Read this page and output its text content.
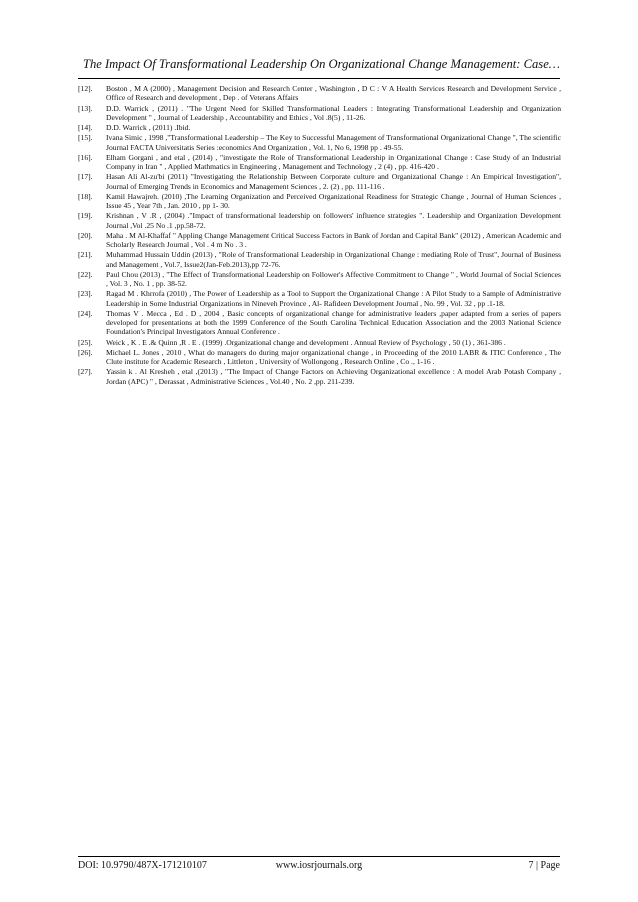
The Impact Of Transformational Leadership On Organizational Change Management: Case…
[12].	Boston , M A (2000) , Management Decision and Research Center , Washington , D C : V A Health Services Research and Development Service , Office of Research and development , Dep . of Veterans Affairs
[13].	D.D. Warrick , (2011) . "The Urgent Need for Skilled Transformational Leaders : Integrating Transformational Leadership and Organization Development " , Journal of Leadership , Accountability and Ethics , Vol .8(5) , 11-26.
[14].	D.D. Warrick , (2011) .Ibid.
[15].	Ivana Simic , 1998 ,"Transformational Leadership – The Key to Successful Management of Transformational Organizational Change ", The scientific Journal FACTA Universitatis Series :economics And Organization , Vol. 1, No 6, 1998 pp . 49-55.
[16].	Elham Gorgani , and etal , (2014) , "investigate the Role of Transformational Leadership in Organizational Change : Case Study of an Industrial Company in Iran " , Applied Mathmatics in Engineering , Management and Technology , 2 (4) , pp. 416-420 .
[17].	Hasan Ali Al-zu'bi (2011) "Investigating the Relationship Between Corporate culture and Organizational Change : An Empirical Investigation", Journal of Emerging Trends in Economics and Management Sciences , 2. (2) , pp. 111-116 .
[18].	Kamil Hawajreh. (2010) ,The Learning Organization and Perceived Organizational Readiness for Strategic Change , Journal of Human Sciences , Issue 45 , Year 7th , Jan. 2010 , pp 1- 30.
[19].	Krishnan , V .R , (2004) ."Impact of transformational leadership on followers' influence strategies ". Leadership and Organization Development Journal ,Vol .25 No .1 ,pp.58-72.
[20].	Maha . M Al-Khaffaf " Appling Change Management Critical Success Factors in Bank of Jordan and Capital Bank" (2012) , American Academic and Scholarly Research Journal , Vol . 4 m No . 3 .
[21].	Muhammad Hussain Uddin (2013) , "Role of Transformational Leadership in Organizational Change : mediating Role of Trust", Journal of Business and Management , Vol.7, Issue2(Jan-Feb.2013),pp 72-76.
[22].	Paul Chou (2013) , "The Effect of Transformational Leadership on Follower's Affective Commitment to Change " , World Journal of Social Sciences , Vol. 3 , No. 1 , pp. 38-52.
[23].	Ragad M . Khrrofa (2010) , The Power of Leadership as a Tool to Support the Organizational Change : A Pilot Study to a Sample of Administrative Leadership in Some Industrial Organizations in Nineveh Province , Al- Rafideen Development Journal , No. 99 , Vol. 32 , pp .1-18.
[24].	Thomas V . Mecca , Ed . D , 2004 , Basic concepts of organizational change for administrative leaders ,paper adapted from a series of papers developed for presentations at both the 1999 Conference of the South Carolina Technical Education Association and the 2003 National Science Foundation's Principal Investigators Annual Conference .
[25].	Weick , K . E .& Quinn ,R . E . (1999) .Organizational change and development . Annual Review of Psychology , 50 (1) , 361-386 .
[26].	Michael L. Jones , 2010 , What do managers do during major organizational change , in Proceeding of the 2010 LABR & ITIC Conference , The Clute institute for Academic Research , Littleton , University of Wollongong , Research Online , Co ., 1-16 .
[27].	Yassin k . Al Kresheh , etal ,(2013) , "The Impact of Change Factors on Achieving Organizational excellence : A model Arab Potash Company , Jordan (APC) " , Derassat , Administrative Sciences , Vol.40 , No. 2 ,pp. 211-239.
DOI: 10.9790/487X-171210107	www.iosrjournals.org	7 | Page
